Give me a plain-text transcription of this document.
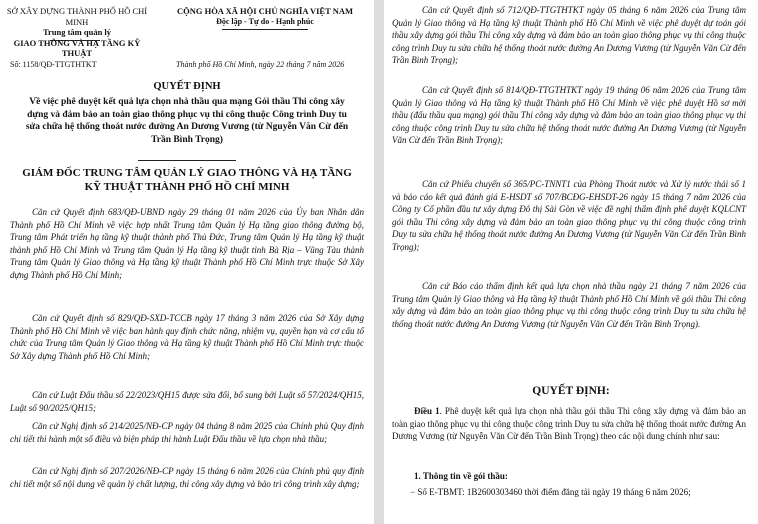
SỞ XÂY DỰNG THÀNH PHỐ HỒ CHÍ MINH
Trung tâm quản lý
GIAO THÔNG VÀ HẠ TẦNG KỸ THUẬT
CỘNG HÒA XÃ HỘI CHỦ NGHĨA VIỆT NAM
Độc lập - Tự do - Hạnh phúc
Số: 1158/QĐ-TTGTHTKT	Thành phố Hồ Chí Minh, ngày 22 tháng 7 năm 2026
QUYẾT ĐỊNH
Về việc phê duyệt kết quả lựa chọn nhà thầu qua mạng Gói thầu Thi công xây dựng và đảm bảo an toàn giao thông phục vụ thi công thuộc Công trình Duy tu sửa chữa hệ thống thoát nước đường An Dương Vương (từ Nguyễn Văn Cừ đến Trần Bình Trọng)
GIÁM ĐỐC TRUNG TÂM QUẢN LÝ GIAO THÔNG VÀ HẠ TẦNG KỸ THUẬT THÀNH PHỐ HỒ CHÍ MINH
Căn cứ Quyết định 683/QĐ-UBND ngày 29 tháng 01 năm 2026 của Ủy ban Nhân dân Thành phố Hồ Chí Minh về việc hợp nhất Trung tâm Quản lý Hạ tầng giao thông đường bộ, Trung tâm Phát triển hạ tầng kỹ thuật thành phố Thủ Đức, Trung tâm Quản lý Hạ tầng kỹ thuật thành phố Hồ Chí Minh và Trung tâm Quản lý Hạ tầng kỹ thuật tỉnh Bà Rịa – Vũng Tàu thành Trung tâm Quản lý Giao thông và Hạ tầng kỹ thuật Thành phố Hồ Chí Minh trực thuộc Sở Xây dựng Thành phố Hồ Chí Minh;
Căn cứ Quyết định số 829/QĐ-SXD-TCCB ngày 17 tháng 3 năm 2026 của Sở Xây dựng Thành phố Hồ Chí Minh về việc ban hành quy định chức năng, nhiệm vụ, quyền hạn và cơ cấu tổ chức của Trung tâm Quản lý Giao thông và Hạ tầng kỹ thuật Thành phố Hồ Chí Minh trực thuộc Sở Xây dựng Thành phố Hồ Chí Minh;
Căn cứ Luật Đấu thầu số 22/2023/QH15 được sửa đổi, bổ sung bởi Luật số 57/2024/QH15, Luật số 90/2025/QH15;
Căn cứ Nghị định số 214/2025/NĐ-CP ngày 04 tháng 8 năm 2025 của Chính phủ Quy định chi tiết thi hành một số điều và biện pháp thi hành Luật Đấu thầu về lựa chọn nhà thầu;
Căn cứ Nghị định số 207/2026/NĐ-CP ngày 15 tháng 6 năm 2026 của Chính phủ quy định chi tiết một số nội dung về quản lý chất lượng, thi công xây dựng và bảo trì công trình xây dựng;
Căn cứ Quyết định số 712/QĐ-TTGTHTKT ngày 05 tháng 6 năm 2026 của Trung tâm Quản lý Giao thông và Hạ tầng kỹ thuật Thành phố Hồ Chí Minh về việc phê duyệt dự toán gói thầu xây dựng gói thầu Thi công xây dựng và đảm bảo an toàn giao thông phục vụ thi công thuộc công trình Duy tu sửa chữa hệ thống thoát nước đường An Dương Vương (từ Nguyễn Văn Cừ đến Trần Bình Trọng);
Căn cứ Quyết định số 814/QĐ-TTGTHTKT ngày 19 tháng 06 năm 2026 của Trung tâm Quản lý Giao thông và Hạ tầng kỹ thuật Thành phố Hồ Chí Minh về việc phê duyệt Hồ sơ mời thầu (đấu thầu qua mạng) gói thầu Thi công xây dựng và đảm bảo an toàn giao thông phục vụ thi công thuộc công trình Duy tu sửa chữa hệ thống thoát nước đường An Dương Vương (từ Nguyễn Văn Cừ đến Trần Bình Trọng);
Căn cứ Phiếu chuyển số 365/PC-TNNT1 của Phòng Thoát nước và Xử lý nước thải số 1 và báo cáo kết quả đánh giá E-HSDT số 707/BCĐG-EHSDT-26 ngày 15 tháng 7 năm 2026 của Công ty Cổ phần đầu tư xây dựng Đô thị Sài Gòn về việc đề nghị thẩm định phê duyệt KQLCNT gói thầu Thi công xây dựng và đảm bảo an toàn giao thông phục vụ thi công thuộc công trình Duy tu sửa chữa hệ thống thoát nước đường An Dương Vương (từ Nguyễn Văn Cừ đến Trần Bình Trọng);
Căn cứ Báo cáo thẩm định kết quả lựa chọn nhà thầu ngày 21 tháng 7 năm 2026 của Trung tâm Quản lý Giao thông và Hạ tầng kỹ thuật Thành phố Hồ Chí Minh về gói thầu Thi công xây dựng và đảm bảo an toàn giao thông phục vụ thi công thuộc công trình Duy tu sửa chữa hệ thống thoát nước đường An Dương Vương (từ Nguyễn Văn Cừ đến Trần Bình Trọng).
QUYẾT ĐỊNH:
Điều 1. Phê duyệt kết quả lựa chọn nhà thầu gói thầu Thi công xây dựng và đảm bảo an toàn giao thông phục vụ thi công thuộc công trình Duy tu sửa chữa hệ thống thoát nước đường An Dương Vương (từ Nguyễn Văn Cừ đến Trần Bình Trọng) theo các nội dung chính như sau:
1. Thông tin về gói thầu:
− Số E-TBMT: 1B2600303460 thời điểm đăng tải ngày 19 tháng 6 năm 2026;
